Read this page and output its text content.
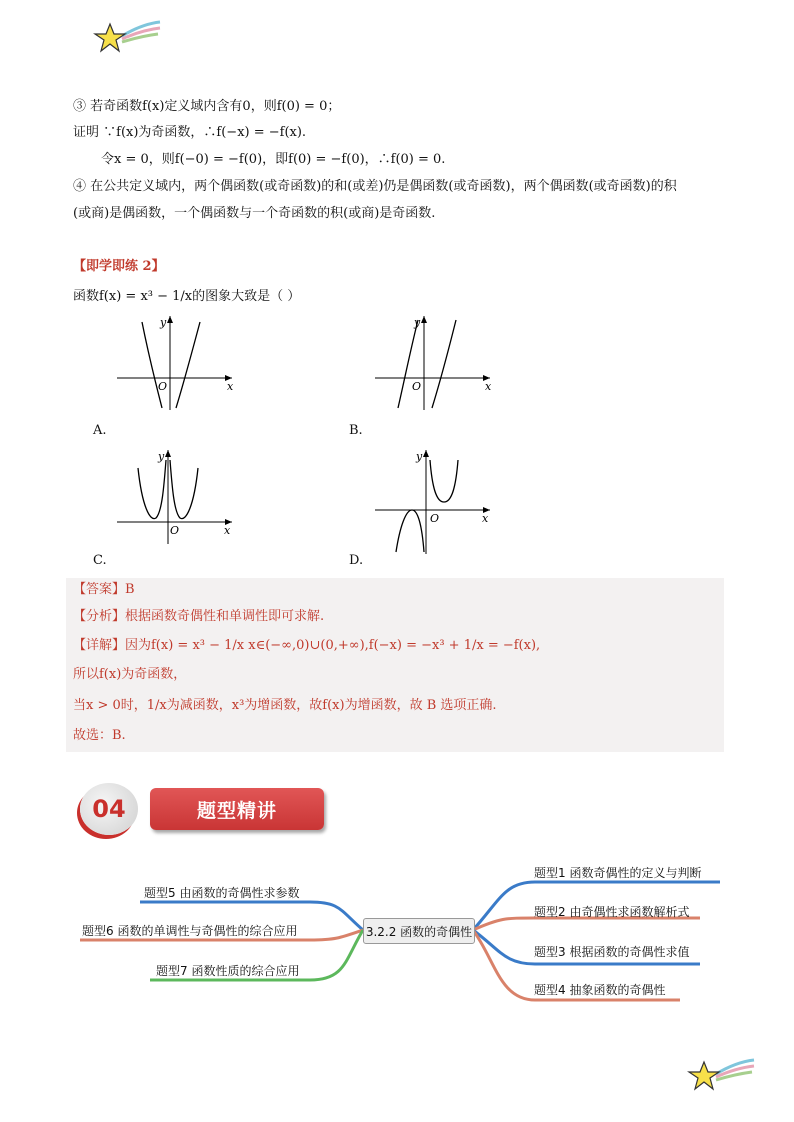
③ 若奇函数f(x)定义域内含有0，则f(0) = 0；
证明 ∵f(x)为奇函数，∴f(−x) = −f(x).
令x = 0，则f(−0) = −f(0)，即f(0) = −f(0)，∴f(0) = 0.
④ 在公共定义域内，两个偶函数(或奇函数)的和(或差)仍是偶函数(或奇函数)，两个偶函数(或奇函数)的积
(或商)是偶函数，一个偶函数与一个奇函数的积(或商)是奇函数.
【即学即练 2】
函数f(x) = x³ − 1/x的图象大致是（ ）
y
x
O
A.
y
x
O
B.
y
x
O
C.
y
x
O
D.
【答案】B
【分析】根据函数奇偶性和单调性即可求解.
【详解】因为f(x) = x³ − 1/x x∈(−∞,0)∪(0,+∞),f(−x) = −x³ + 1/x = −f(x),
所以f(x)为奇函数，
当x > 0时，1/x为减函数，x³为增函数，故f(x)为增函数，故 B 选项正确.
故选：B.
04	题型精讲
3.2.2 函数的奇偶性
题型1 函数奇偶性的定义与判断
题型2 由奇偶性求函数解析式
题型3 根据函数的奇偶性求值
题型4 抽象函数的奇偶性
题型5 由函数的奇偶性求参数
题型6 函数的单调性与奇偶性的综合应用
题型7 函数性质的综合应用
